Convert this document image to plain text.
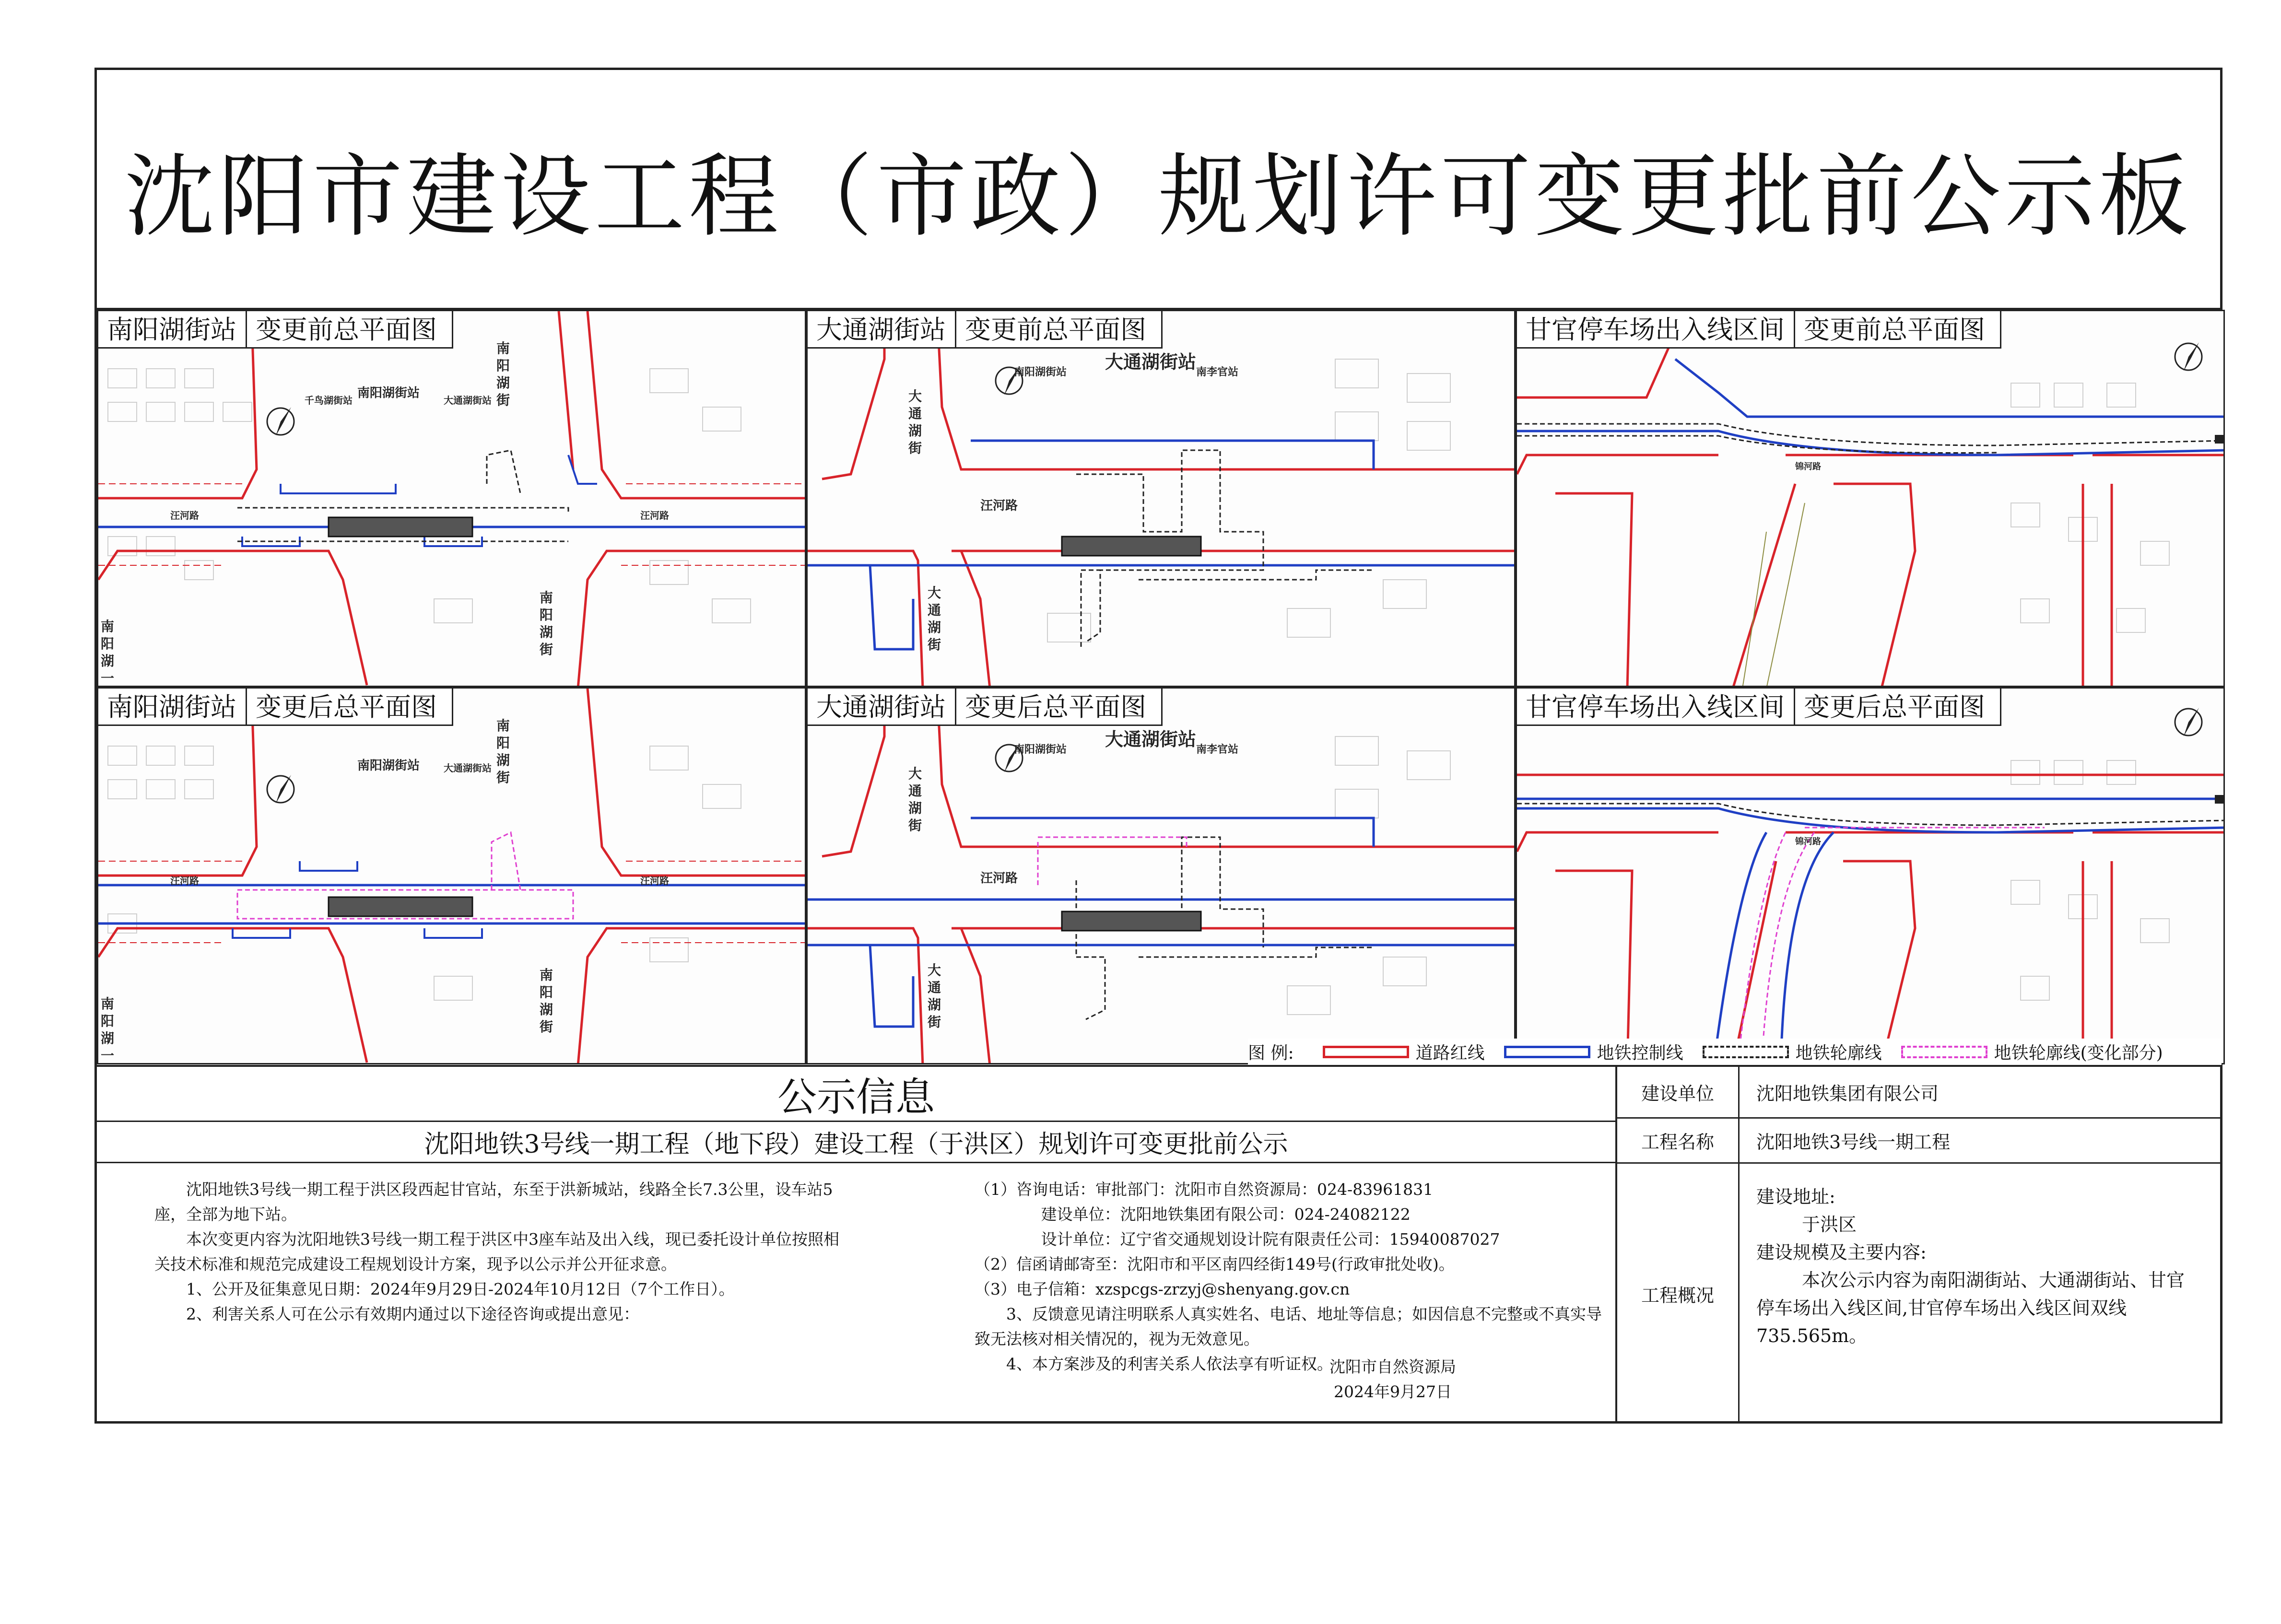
沈阳市建设工程（市政）规划许可变更批前公示板
南阳湖街站 变更前总平面图
南阳湖街站
千鸟湖街站	大通湖街站
汪河路	汪河路
南阳湖街
南阳湖街
南阳湖一
大通湖街站 变更前总平面图
大通湖街站
南阳湖街站	南李官站
汪河路
大通湖街
大通湖街
甘官停车场出入线区间 变更前总平面图
锦河路
南阳湖街站 变更后总平面图
南阳湖街站 大通湖街站
汪河路	汪河路
南阳湖街
南阳湖街
南阳湖一
大通湖街站 变更后总平面图
大通湖街站
南阳湖街站	南李官站
汪河路
大通湖街
大通湖街
甘官停车场出入线区间 变更后总平面图
锦河路
图 例:	道路红线	地铁控制线	地铁轮廓线	地铁轮廓线(变化部分)
公示信息
沈阳地铁3号线一期工程（地下段）建设工程（于洪区）规划许可变更批前公示

沈阳地铁3号线一期工程于洪区段西起甘官站，东至于洪新城站，线路全长7.3公里，设车站5座，全部为地下站。

本次变更内容为沈阳地铁3号线一期工程于洪区中3座车站及出入线，现已委托设计单位按照相关技术标准和规范完成建设工程规划设计方案，现予以公示并公开征求意。

1、公开及征集意见日期：2024年9月29日-2024年10月12日（7个工作日）。

2、利害关系人可在公示有效期内通过以下途径咨询或提出意见：

（1）咨询电话：审批部门：沈阳市自然资源局：024-83961831

建设单位：沈阳地铁集团有限公司：024-24082122

设计单位：辽宁省交通规划设计院有限责任公司：15940087027

（2）信函请邮寄至：沈阳市和平区南四经街149号(行政审批处收)。

（3）电子信箱：xzspcgs-zrzyj@shenyang.gov.cn

3、反馈意见请注明联系人真实姓名、电话、地址等信息；如因信息不完整或不真实导致无法核对相关情况的，视为无效意见。

4、本方案涉及的利害关系人依法享有听证权。

沈阳市自然资源局
2024年9月27日
建设单位	沈阳地铁集团有限公司
工程名称	沈阳地铁3号线一期工程
工程概况

建设地址:

于洪区

建设规模及主要内容:

本次公示内容为南阳湖街站、大通湖街站、甘官停车场出入线区间,甘官停车场出入线区间双线735.565m。
